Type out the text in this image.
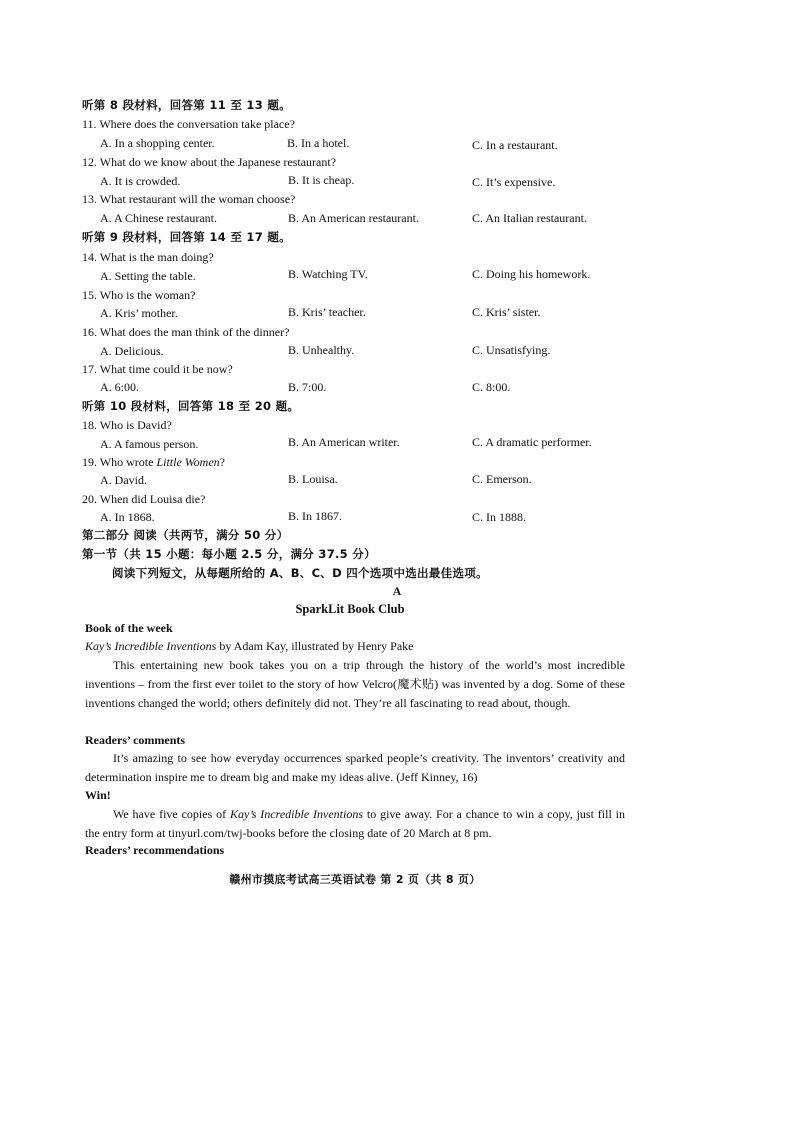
听第 8 段材料，回答第 11 至 13 题。
11. Where does the conversation take place?
A. In a shopping center.	B. In a hotel.	C. In a restaurant.
12. What do we know about the Japanese restaurant?
A. It is crowded.	B. It is cheap.	C. It’s expensive.
13. What restaurant will the woman choose?
A. A Chinese restaurant.	B. An American restaurant.	C. An Italian restaurant.
听第 9 段材料，回答第 14 至 17 题。
14. What is the man doing?
A. Setting the table.	B. Watching TV.	C. Doing his homework.
15. Who is the woman?
A. Kris’ mother.	B. Kris’ teacher.	C. Kris’ sister.
16. What does the man think of the dinner?
A. Delicious.	B. Unhealthy.	C. Unsatisfying.
17. What time could it be now?
A. 6:00.	B. 7:00.	C. 8:00.
听第 10 段材料，回答第 18 至 20 题。
18. Who is David?
A. A famous person.	B. An American writer.	C. A dramatic performer.
19. Who wrote Little Women?
A. David.	B. Louisa.	C. Emerson.
20. When did Louisa die?
A. In 1868.	B. In 1867.	C. In 1888.
第二部分 阅读（共两节，满分 50 分）
第一节（共 15 小题：每小题 2.5 分，满分 37.5 分）
阅读下列短文，从每题所给的 A、B、C、D 四个选项中选出最佳选项。
A
SparkLit Book Club
Book of the week
Kay’s Incredible Inventions by Adam Kay, illustrated by Henry Pake

This entertaining new book takes you on a trip through the history of the world’s most incredible inventions – from the first ever toilet to the story of how Velcro(魔术贴) was invented by a dog. Some of these inventions changed the world; others definitely did not. They’re all fascinating to read about, though.

Readers’ comments

It’s amazing to see how everyday occurrences sparked people’s creativity. The inventors’ creativity and determination inspire me to dream big and make my ideas alive. (Jeff Kinney, 16)

Win!

We have five copies of Kay’s Incredible Inventions to give away. For a chance to win a copy, just fill in the entry form at tinyurl.com/twj-books before the closing date of 20 March at 8 pm.

Readers’ recommendations
赣州市摸底考试高三英语试卷 第 2 页（共 8 页）
